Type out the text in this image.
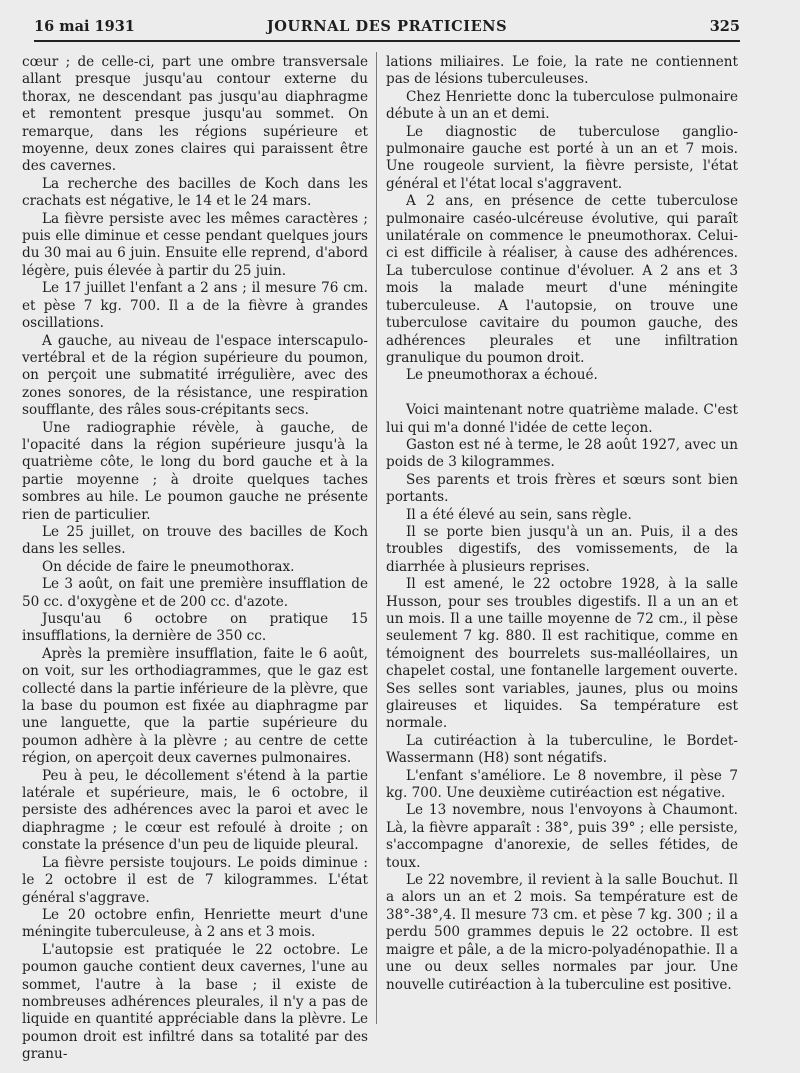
16 mai 1931	JOURNAL DES PRATICIENS	325

cœur ; de celle-ci, part une ombre transversale allant presque jusqu'au contour externe du thorax, ne descendant pas jusqu'au diaphragme et remontent presque jusqu'au sommet. On remarque, dans les régions supérieure et moyenne, deux zones claires qui paraissent être des cavernes.

La recherche des bacilles de Koch dans les crachats est négative, le 14 et le 24 mars.

La fièvre persiste avec les mêmes caractères ; puis elle diminue et cesse pendant quelques jours du 30 mai au 6 juin. Ensuite elle reprend, d'abord légère, puis élevée à partir du 25 juin.

Le 17 juillet l'enfant a 2 ans ; il mesure 76 cm. et pèse 7 kg. 700. Il a de la fièvre à grandes oscillations.

A gauche, au niveau de l'espace interscapulo-vertébral et de la région supérieure du poumon, on perçoit une submatité irrégulière, avec des zones sonores, de la résistance, une respiration soufflante, des râles sous-crépitants secs.

Une radiographie révèle, à gauche, de l'opacité dans la région supérieure jusqu'à la quatrième côte, le long du bord gauche et à la partie moyenne ; à droite quelques taches sombres au hile. Le poumon gauche ne présente rien de particulier.

Le 25 juillet, on trouve des bacilles de Koch dans les selles.

On décide de faire le pneumothorax.

Le 3 août, on fait une première insufflation de 50 cc. d'oxygène et de 200 cc. d'azote.

Jusqu'au 6 octobre on pratique 15 insufflations, la dernière de 350 cc.

Après la première insufflation, faite le 6 août, on voit, sur les orthodiagrammes, que le gaz est collecté dans la partie inférieure de la plèvre, que la base du poumon est fixée au diaphragme par une languette, que la partie supérieure du poumon adhère à la plèvre ; au centre de cette région, on aperçoit deux cavernes pulmonaires.

Peu à peu, le décollement s'étend à la partie latérale et supérieure, mais, le 6 octobre, il persiste des adhérences avec la paroi et avec le diaphragme ; le cœur est refoulé à droite ; on constate la présence d'un peu de liquide pleural.

La fièvre persiste toujours. Le poids diminue : le 2 octobre il est de 7 kilogrammes. L'état général s'aggrave.

Le 20 octobre enfin, Henriette meurt d'une méningite tuberculeuse, à 2 ans et 3 mois.

L'autopsie est pratiquée le 22 octobre. Le poumon gauche contient deux cavernes, l'une au sommet, l'autre à la base ; il existe de nombreuses adhérences pleurales, il n'y a pas de liquide en quantité appréciable dans la plèvre. Le poumon droit est infiltré dans sa totalité par des granu-

lations miliaires. Le foie, la rate ne contiennent pas de lésions tuberculeuses.

Chez Henriette donc la tuberculose pulmonaire débute à un an et demi.

Le diagnostic de tuberculose ganglio-pulmonaire gauche est porté à un an et 7 mois. Une rougeole survient, la fièvre persiste, l'état général et l'état local s'aggravent.

A 2 ans, en présence de cette tuberculose pulmonaire caséo-ulcéreuse évolutive, qui paraît unilatérale on commence le pneumothorax. Celui-ci est difficile à réaliser, à cause des adhérences. La tuberculose continue d'évoluer. A 2 ans et 3 mois la malade meurt d'une méningite tuberculeuse. A l'autopsie, on trouve une tuberculose cavitaire du poumon gauche, des adhérences pleurales et une infiltration granulique du poumon droit.

Le pneumothorax a échoué.

Voici maintenant notre quatrième malade. C'est lui qui m'a donné l'idée de cette leçon.

Gaston est né à terme, le 28 août 1927, avec un poids de 3 kilogrammes.

Ses parents et trois frères et sœurs sont bien portants.

Il a été élevé au sein, sans règle.

Il se porte bien jusqu'à un an. Puis, il a des troubles digestifs, des vomissements, de la diarrhée à plusieurs reprises.

Il est amené, le 22 octobre 1928, à la salle Husson, pour ses troubles digestifs. Il a un an et un mois. Il a une taille moyenne de 72 cm., il pèse seulement 7 kg. 880. Il est rachitique, comme en témoignent des bourrelets sus-malléollaires, un chapelet costal, une fontanelle largement ouverte. Ses selles sont variables, jaunes, plus ou moins glaireuses et liquides. Sa température est normale.

La cutiréaction à la tuberculine, le Bordet-Wassermann (H8) sont négatifs.

L'enfant s'améliore. Le 8 novembre, il pèse 7 kg. 700. Une deuxième cutiréaction est négative.

Le 13 novembre, nous l'envoyons à Chaumont. Là, la fièvre apparaît : 38°, puis 39° ; elle persiste, s'accompagne d'anorexie, de selles fétides, de toux.

Le 22 novembre, il revient à la salle Bouchut. Il a alors un an et 2 mois. Sa température est de 38°-38°,4. Il mesure 73 cm. et pèse 7 kg. 300 ; il a perdu 500 grammes depuis le 22 octobre. Il est maigre et pâle, a de la micro-polyadénopathie. Il a une ou deux selles normales par jour. Une nouvelle cutiréaction à la tuberculine est positive.
